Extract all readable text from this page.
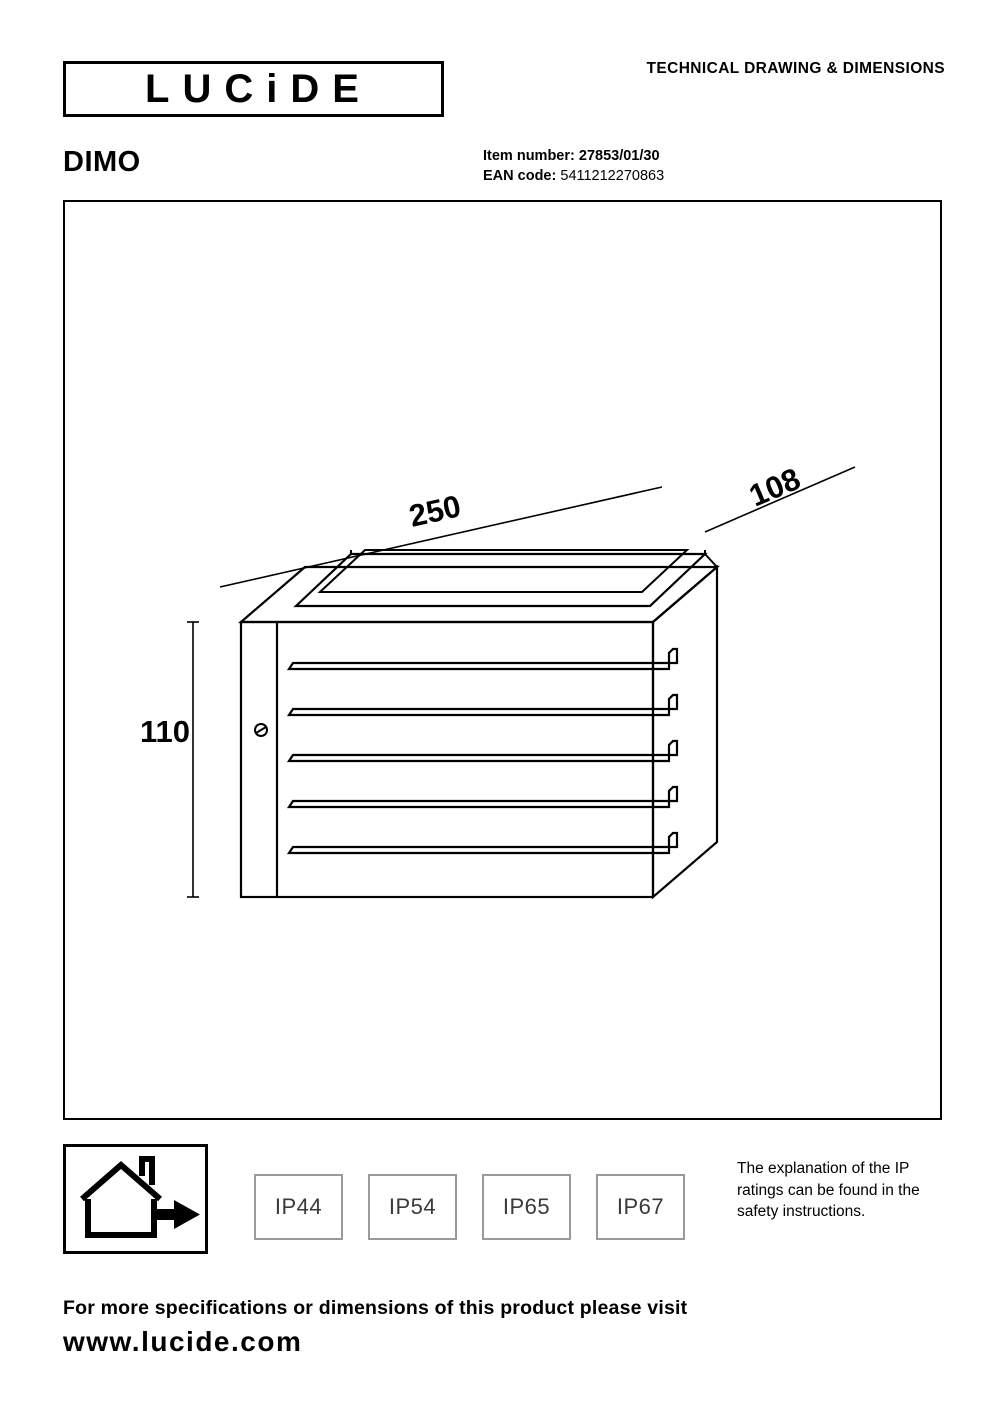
LUCiDE	TECHNICAL DRAWING & DIMENSIONS
DIMO	Item number: 27853/01/30
EAN code: 5411212270863
250	108
110
IP44	IP54	IP65	IP67
The explanation of the IP ratings can be found in the safety instructions.
For more specifications or dimensions of this product please visit
www.lucide.com
